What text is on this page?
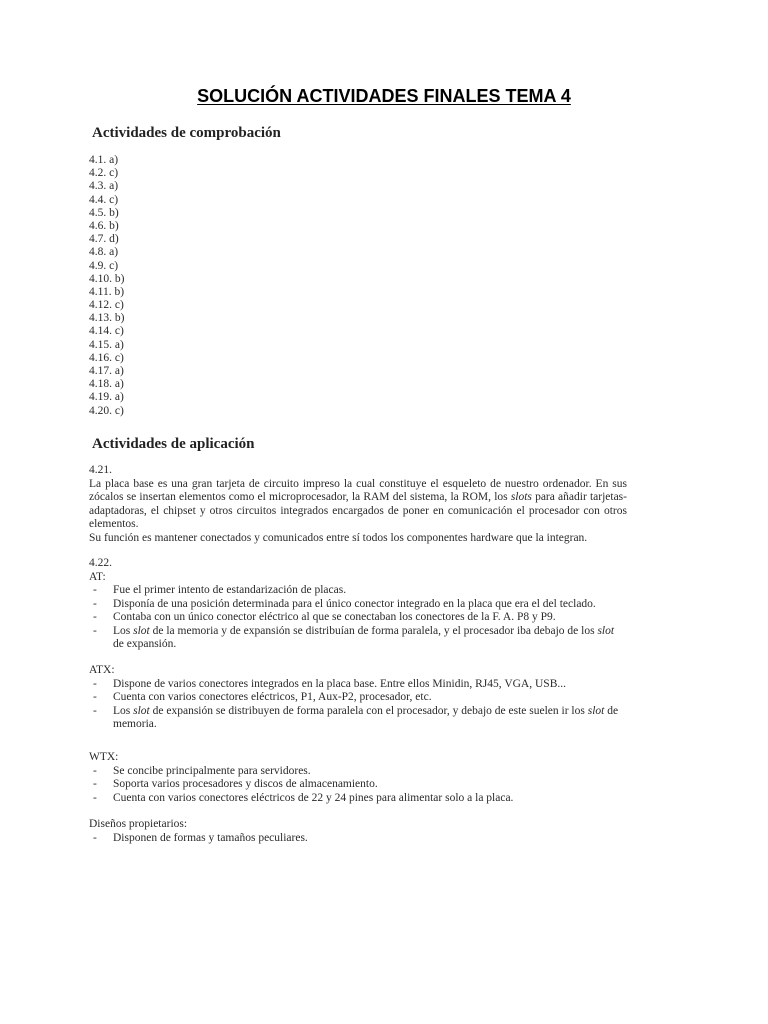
SOLUCIÓN ACTIVIDADES FINALES TEMA 4
Actividades de comprobación
4.1. a)
4.2. c)
4.3. a)
4.4. c)
4.5. b)
4.6. b)
4.7. d)
4.8. a)
4.9. c)
4.10. b)
4.11. b)
4.12. c)
4.13. b)
4.14. c)
4.15. a)
4.16. c)
4.17. a)
4.18. a)
4.19. a)
4.20. c)
Actividades de aplicación

4.21.

La placa base es una gran tarjeta de circuito impreso la cual constituye el esqueleto de nuestro ordenador. En sus zócalos se insertan elementos como el microprocesador, la RAM del sistema, la ROM, los slots para añadir tarjetas-adaptadoras, el chipset y otros circuitos integrados encargados de poner en comunicación el procesador con otros elementos.

Su función es mantener conectados y comunicados entre sí todos los componentes hardware que la integran.

4.22.

AT:

- Fue el primer intento de estandarización de placas.
- Disponía de una posición determinada para el único conector integrado en la placa que era el del teclado.
- Contaba con un único conector eléctrico al que se conectaban los conectores de la F. A. P8 y P9.
- Los slot de la memoria y de expansión se distribuían de forma paralela, y el procesador iba debajo de los slot de expansión.

ATX:

- Dispone de varios conectores integrados en la placa base. Entre ellos Minidin, RJ45, VGA, USB...
- Cuenta con varios conectores eléctricos, P1, Aux-P2, procesador, etc.
- Los slot de expansión se distribuyen de forma paralela con el procesador, y debajo de este suelen ir los slot de memoria.

WTX:

- Se concibe principalmente para servidores.
- Soporta varios procesadores y discos de almacenamiento.
- Cuenta con varios conectores eléctricos de 22 y 24 pines para alimentar solo a la placa.

Diseños propietarios:

- Disponen de formas y tamaños peculiares.
